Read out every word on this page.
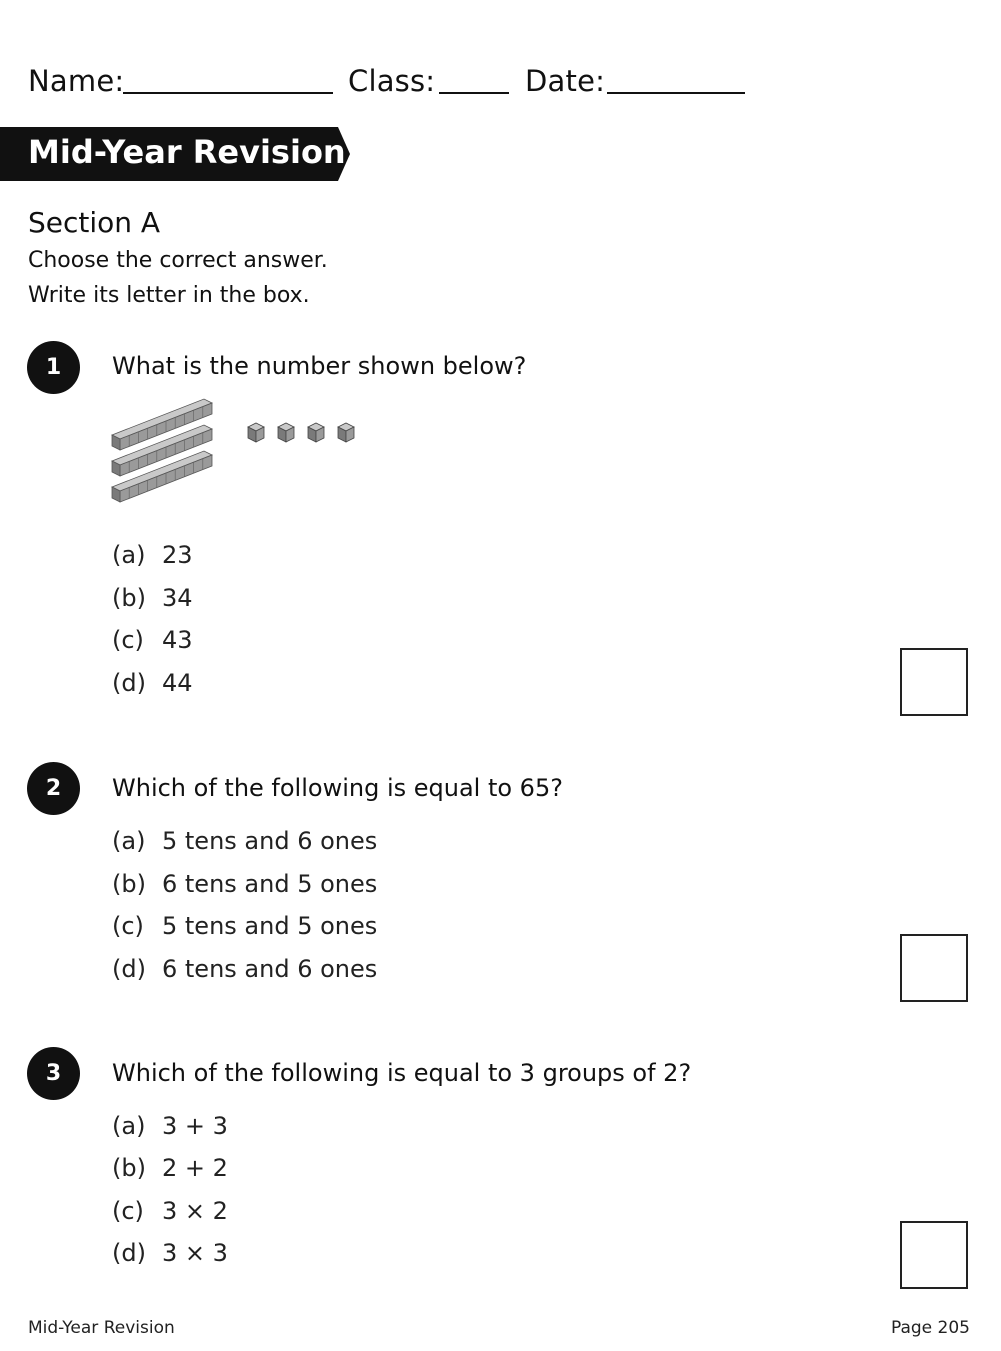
Name:	Class:	Date:
Mid-Year Revision
Section A
Choose the correct answer.
Write its letter in the box.
1	What is the number shown below?
(a) 23
(b) 34
(c) 43
(d) 44
2	Which of the following is equal to 65?
(a) 5 tens and 6 ones
(b) 6 tens and 5 ones
(c) 5 tens and 5 ones
(d) 6 tens and 6 ones
3	Which of the following is equal to 3 groups of 2?
(a) 3 + 3
(b) 2 + 2
(c) 3 × 2
(d) 3 × 3
Mid-Year Revision	Page 205
